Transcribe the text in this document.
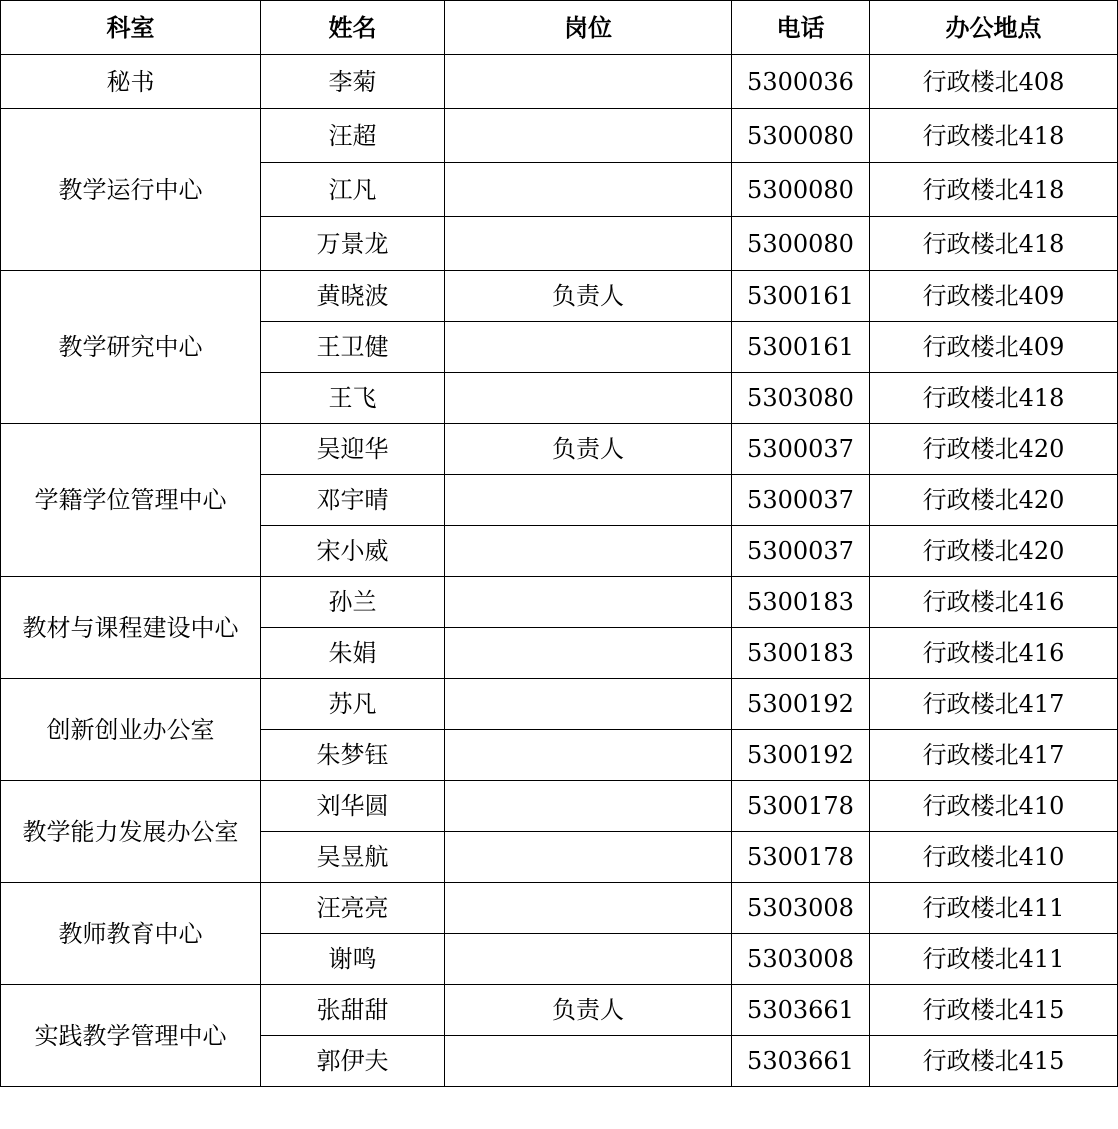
科室	姓名	岗位	电话	办公地点
秘书	李菊		5300036	行政楼北408
教学运行中心	汪超		5300080	行政楼北418
	江凡		5300080	行政楼北418
	万景龙		5300080	行政楼北418
教学研究中心	黄晓波	负责人	5300161	行政楼北409
	王卫健		5300161	行政楼北409
	王飞		5303080	行政楼北418
学籍学位管理中心	吴迎华	负责人	5300037	行政楼北420
	邓宇晴		5300037	行政楼北420
	宋小威		5300037	行政楼北420
教材与课程建设中心	孙兰		5300183	行政楼北416
	朱娟		5300183	行政楼北416
创新创业办公室	苏凡		5300192	行政楼北417
	朱梦钰		5300192	行政楼北417
教学能力发展办公室	刘华圆		5300178	行政楼北410
	吴昱航		5300178	行政楼北410
教师教育中心	汪亮亮		5303008	行政楼北411
	谢鸣		5303008	行政楼北411
实践教学管理中心	张甜甜	负责人	5303661	行政楼北415
	郭伊夫		5303661	行政楼北415
